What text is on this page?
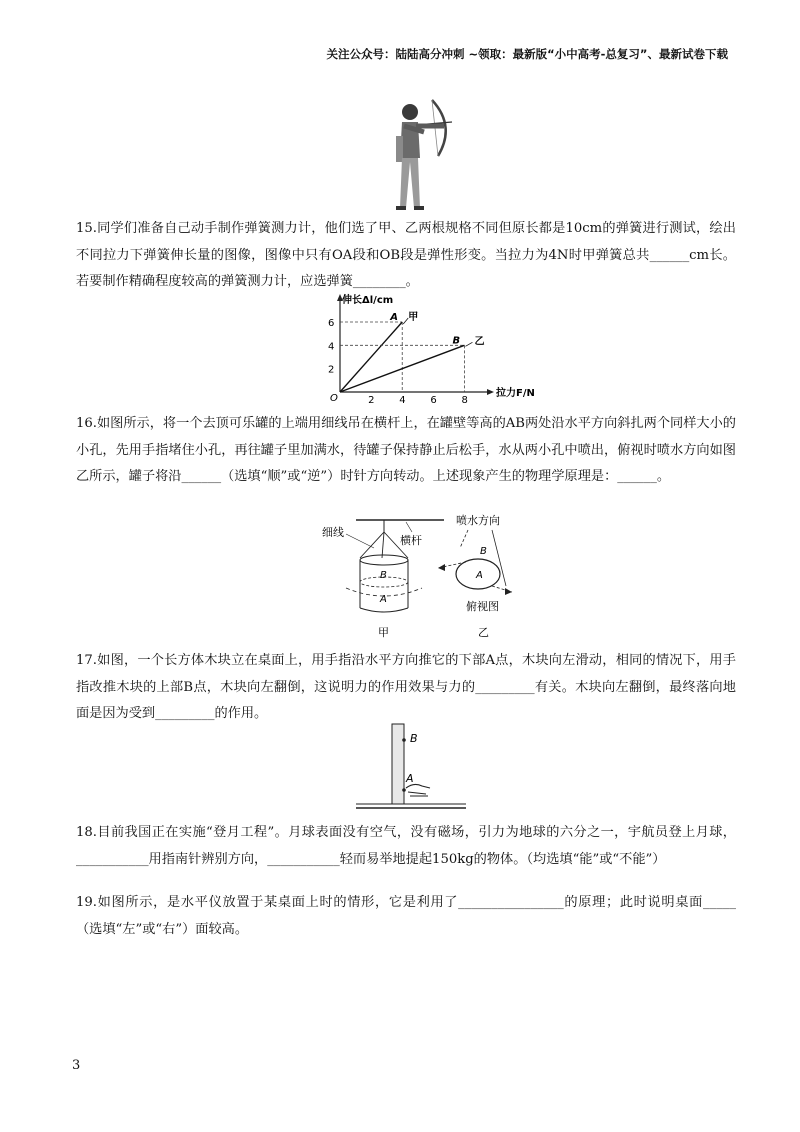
关注公众号：陆陆高分冲刺 ~领取：最新版“小中高考-总复习”、最新试卷下载

15.同学们准备自己动手制作弹簧测力计，他们选了甲、乙两根规格不同但原长都是10cm的弹簧进行测试，绘出不同拉力下弹簧伸长量的图像，图像中只有OA段和OB段是弹性形变。当拉力为4N时甲弹簧总共______cm长。若要制作精确程度较高的弹簧测力计，应选弹簧________。

伸长Δl/cm
拉力F/N
O	2 4 6 8
2
4
6
A
B
甲
乙

16.如图所示，将一个去顶可乐罐的上端用细线吊在横杆上，在罐壁等高的AB两处沿水平方向斜扎两个同样大小的小孔，先用手指堵住小孔，再往罐子里加满水，待罐子保持静止后松手，水从两小孔中喷出，俯视时喷水方向如图乙所示，罐子将沿______（选填“顺”或“逆”）时针方向转动。上述现象产生的物理学原理是：______。

细线
横杆
B
A
甲
喷水方向
B
A
俯视图
乙

17.如图，一个长方体木块立在桌面上，用手指沿水平方向推它的下部A点，木块向左滑动，相同的情况下，用手指改推木块的上部B点，木块向左翻倒，这说明力的作用效果与力的_________有关。木块向左翻倒，最终落向地面是因为受到_________的作用。

B
A

18.目前我国正在实施“登月工程”。月球表面没有空气，没有磁场，引力为地球的六分之一，宇航员登上月球，___________用指南针辨别方向，___________轻而易举地提起150kg的物体。（均选填“能”或“不能”）

19.如图所示，是水平仪放置于某桌面上时的情形，它是利用了________________的原理；此时说明桌面_____（选填“左”或“右”）面较高。

3
